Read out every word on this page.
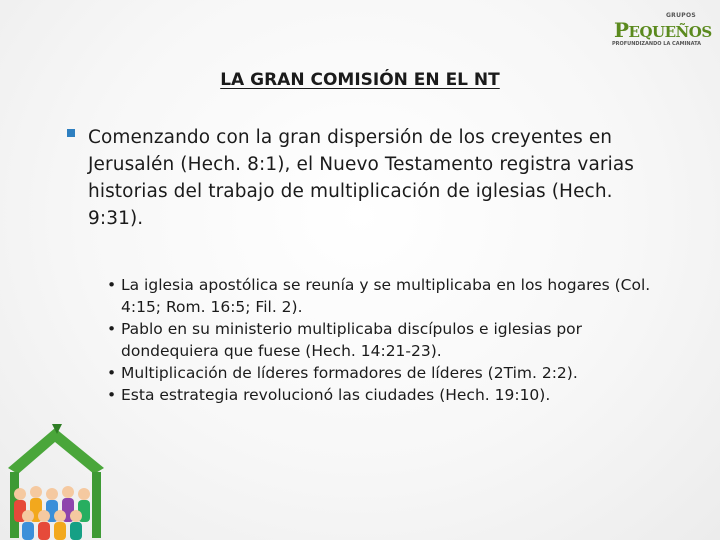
GRUPOS
PEQUEÑOS
PROFUNDIZANDO LA CAMINATA
LA GRAN COMISIÓN EN EL NT

Comenzando con la gran dispersión de los creyentes en Jerusalén (Hech. 8:1), el Nuevo Testamento registra varias historias del trabajo de multiplicación de iglesias (Hech. 9:31).

• La iglesia apostólica se reunía y se multiplicaba en los hogares (Col. 4:15; Rom. 16:5; Fil. 2).
• Pablo en su ministerio multiplicaba discípulos e iglesias por dondequiera que fuese (Hech. 14:21-23).
• Multiplicación de líderes formadores de líderes (2Tim. 2:2).
• Esta estrategia revolucionó las ciudades (Hech. 19:10).
